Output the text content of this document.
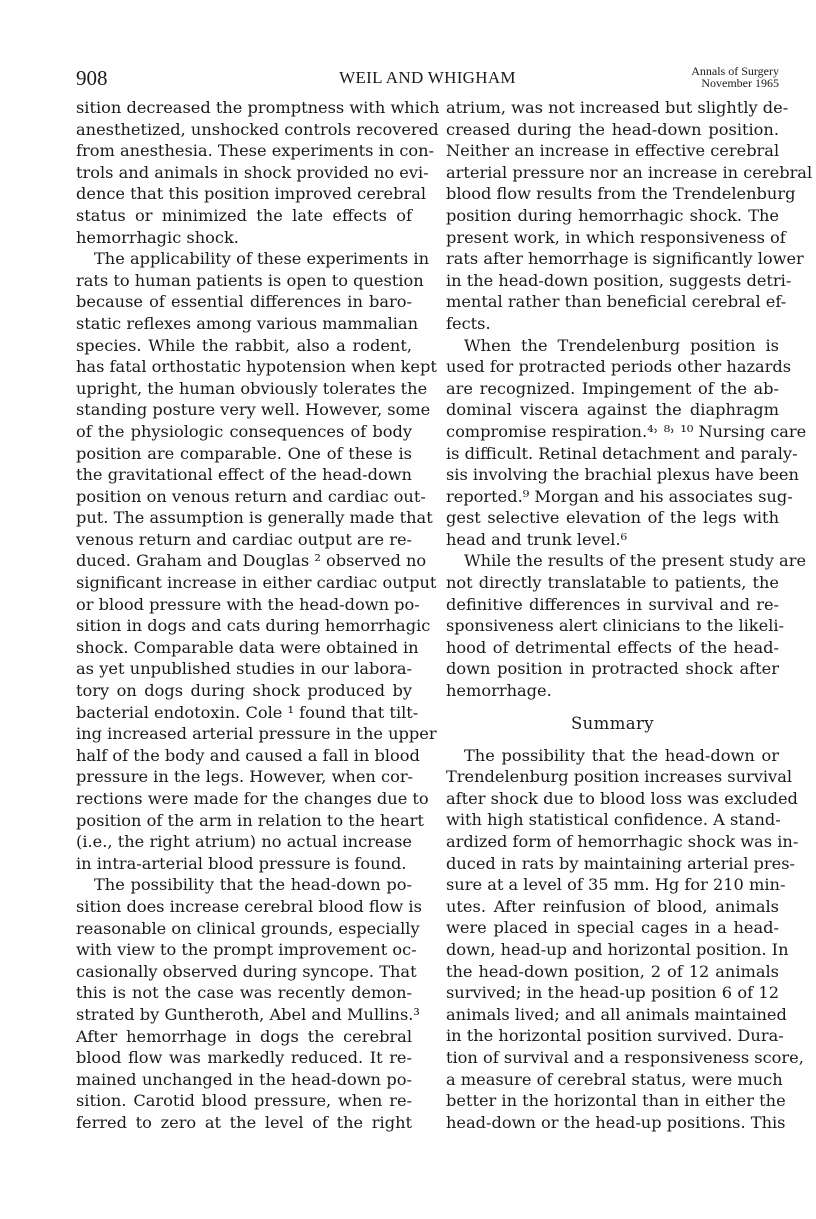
908	WEIL AND WHIGHAM	Annals of Surgery
November 1965
sition decreased the promptness with which
anesthetized, unshocked controls recovered
from anesthesia. These experiments in con-
trols and animals in shock provided no evi-
dence that this position improved cerebral
status or minimized the late effects of
hemorrhagic shock.
The applicability of these experiments in
rats to human patients is open to question
because of essential differences in baro-
static reflexes among various mammalian
species. While the rabbit, also a rodent,
has fatal orthostatic hypotension when kept
upright, the human obviously tolerates the
standing posture very well. However, some
of the physiologic consequences of body
position are comparable. One of these is
the gravitational effect of the head-down
position on venous return and cardiac out-
put. The assumption is generally made that
venous return and cardiac output are re-
duced. Graham and Douglas ² observed no
significant increase in either cardiac output
or blood pressure with the head-down po-
sition in dogs and cats during hemorrhagic
shock. Comparable data were obtained in
as yet unpublished studies in our labora-
tory on dogs during shock produced by
bacterial endotoxin. Cole ¹ found that tilt-
ing increased arterial pressure in the upper
half of the body and caused a fall in blood
pressure in the legs. However, when cor-
rections were made for the changes due to
position of the arm in relation to the heart
(i.e., the right atrium) no actual increase
in intra-arterial blood pressure is found.
The possibility that the head-down po-
sition does increase cerebral blood flow is
reasonable on clinical grounds, especially
with view to the prompt improvement oc-
casionally observed during syncope. That
this is not the case was recently demon-
strated by Guntheroth, Abel and Mullins.³
After hemorrhage in dogs the cerebral
blood flow was markedly reduced. It re-
mained unchanged in the head-down po-
sition. Carotid blood pressure, when re-
ferred to zero at the level of the right
atrium, was not increased but slightly de-
creased during the head-down position.
Neither an increase in effective cerebral
arterial pressure nor an increase in cerebral
blood flow results from the Trendelenburg
position during hemorrhagic shock. The
present work, in which responsiveness of
rats after hemorrhage is significantly lower
in the head-down position, suggests detri-
mental rather than beneficial cerebral ef-
fects.
When the Trendelenburg position is
used for protracted periods other hazards
are recognized. Impingement of the ab-
dominal viscera against the diaphragm
compromise respiration.⁴˒ ⁸˒ ¹⁰ Nursing care
is difficult. Retinal detachment and paraly-
sis involving the brachial plexus have been
reported.⁹ Morgan and his associates sug-
gest selective elevation of the legs with
head and trunk level.⁶
While the results of the present study are
not directly translatable to patients, the
definitive differences in survival and re-
sponsiveness alert clinicians to the likeli-
hood of detrimental effects of the head-
down position in protracted shock after
hemorrhage.
Summary
The possibility that the head-down or
Trendelenburg position increases survival
after shock due to blood loss was excluded
with high statistical confidence. A stand-
ardized form of hemorrhagic shock was in-
duced in rats by maintaining arterial pres-
sure at a level of 35 mm. Hg for 210 min-
utes. After reinfusion of blood, animals
were placed in special cages in a head-
down, head-up and horizontal position. In
the head-down position, 2 of 12 animals
survived; in the head-up position 6 of 12
animals lived; and all animals maintained
in the horizontal position survived. Dura-
tion of survival and a responsiveness score,
a measure of cerebral status, were much
better in the horizontal than in either the
head-down or the head-up positions. This
